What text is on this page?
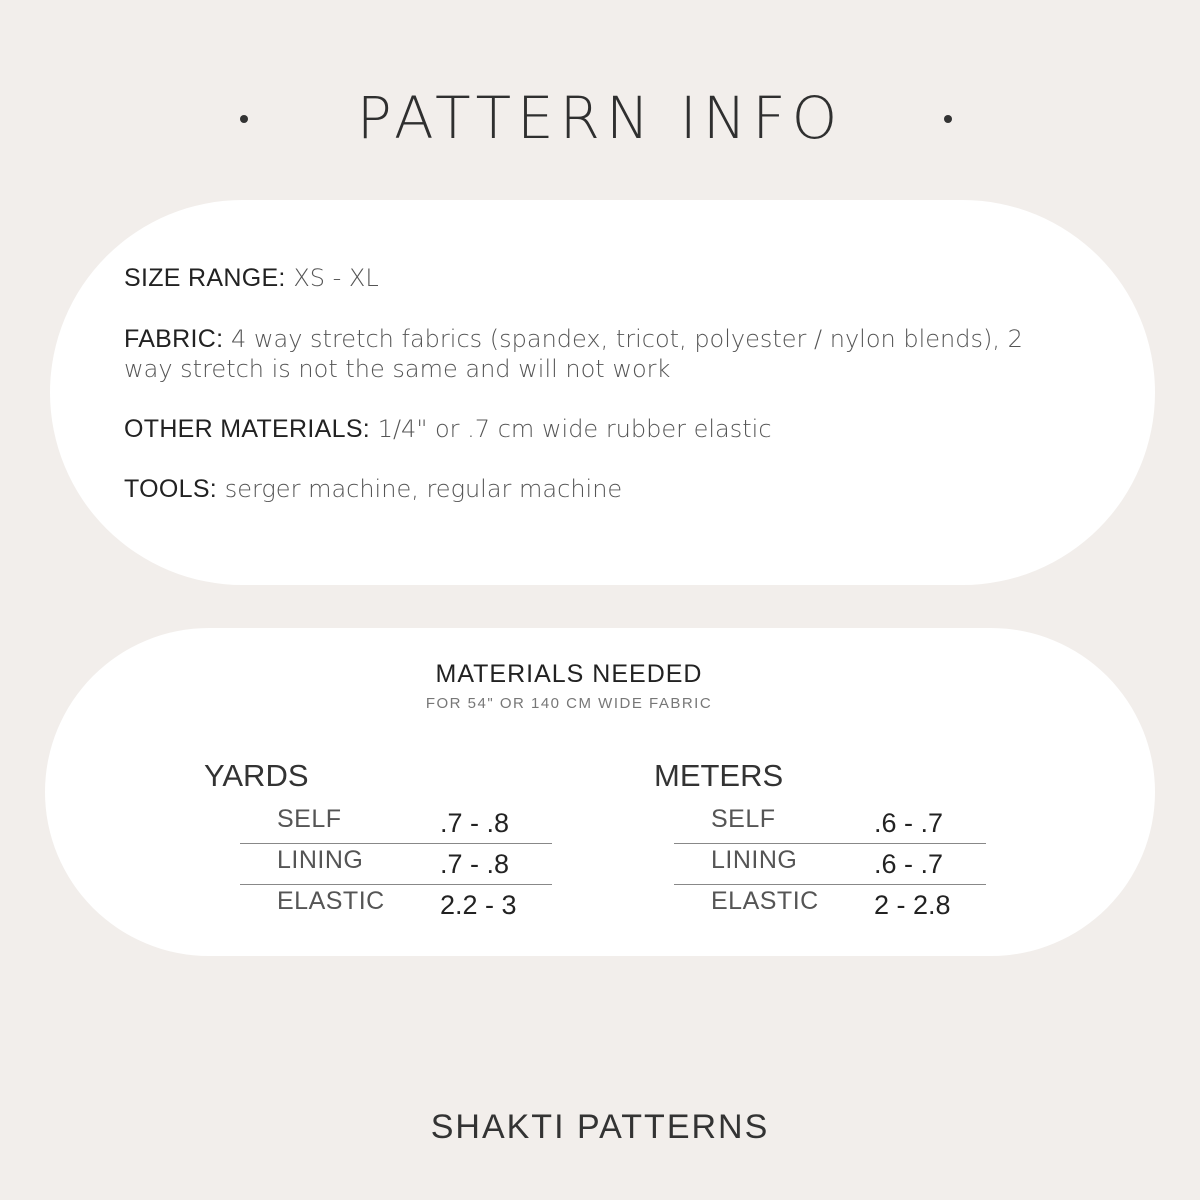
PATTERN INFO
SIZE RANGE: XS - XL
FABRIC: 4 way stretch fabrics (spandex, tricot, polyester / nylon blends), 2 way stretch is not the same and will not work
OTHER MATERIALS: 1/4" or .7 cm wide rubber elastic
TOOLS: serger machine, regular machine
MATERIALS NEEDED
FOR 54" OR 140 CM WIDE FABRIC
YARDS	METERS
SELF	.7 - .8
LINING	.7 - .8
ELASTIC 2.2 - 3
SELF	.6 - .7
LINING	.6 - .7
ELASTIC 2 - 2.8
SHAKTI PATTERNS
